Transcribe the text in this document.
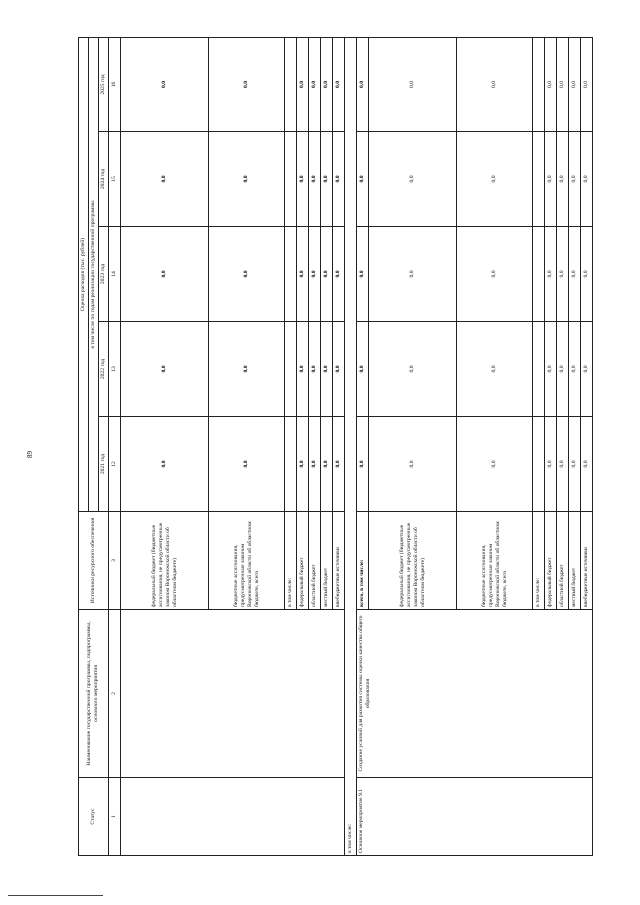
89
Статус	Наименование государственной программы, подпрограммы, основного мероприятия	Источники ресурсного обеспечения	Оценка расходов (тыс. рублей)				
			в том числе по годам реализации государственной программы				
			2021 год	2022 год	2023 год	2024 год	2025 год
1	2	3	12	13	14	15	16
		федеральный бюджет (бюджетные ассигнования, не предусмотренные законом Воронежской области об областном бюджете)	0,0	0,0	0,0	0,0	0,0
		бюджетные ассигнования, предусмотренные законом Воронежской области об областном бюджете, всего	0,0	0,0	0,0	0,0	0,0
		в том числе:					
		федеральный бюджет	0,0	0,0	0,0	0,0	0,0
		областной бюджет	0,0	0,0	0,0	0,0	0,0
		местный бюджет	0,0	0,0	0,0	0,0	0,0
		внебюджетные источники	0,0	0,0	0,0	0,0	0,0
в том числе:							
Основное мероприятие 9.1	Создание условий для развития системы оценки качества общего образования	всего, в том числе:	0,0	0,0	0,0	0,0	0,0
		федеральный бюджет (бюджетные ассигнования, не предусмотренные законом Воронежской области об областном бюджете)	0,0	0,0	0,0	0,0	0,0
		бюджетные ассигнования, предусмотренные законом Воронежской области об областном бюджете, всего	0,0	0,0	0,0	0,0	0,0
		в том числе:					
		федеральный бюджет	0,0	0,0	0,0	0,0	0,0
		областной бюджет	0,0	0,0	0,0	0,0	0,0
		местный бюджет	0,0	0,0	0,0	0,0	0,0
		внебюджетные источники	0,0	0,0	0,0	0,0	0,0
